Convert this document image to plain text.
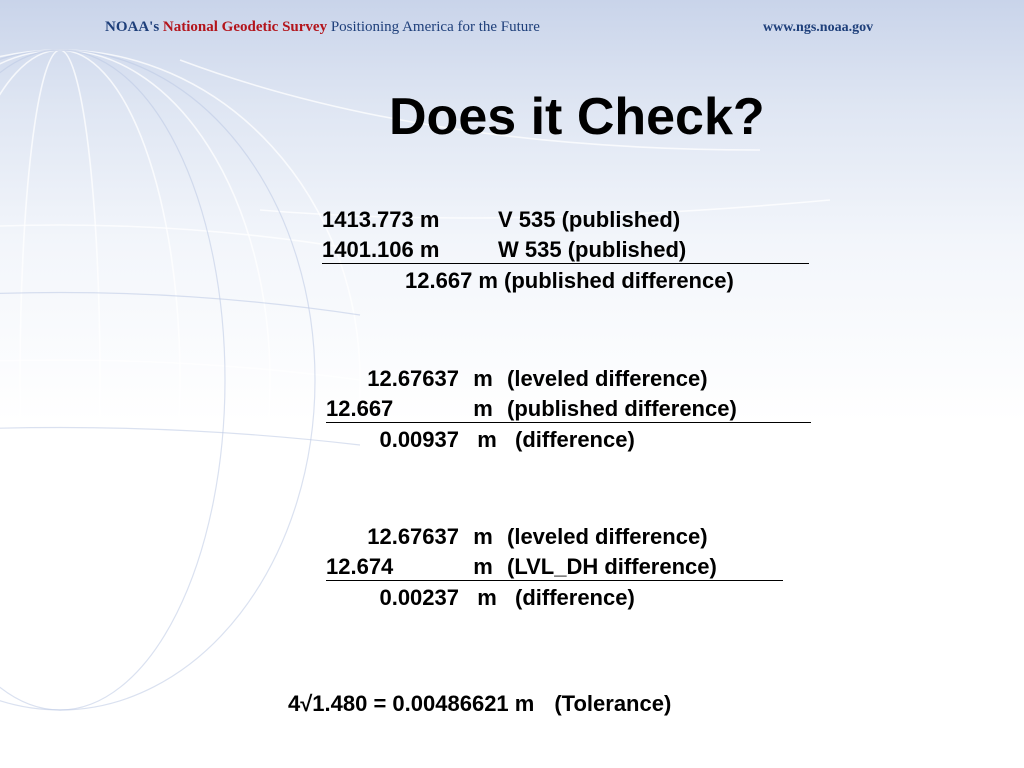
NOAA's National Geodetic Survey Positioning America for the Future	www.ngs.noaa.gov
Does it Check?
1413.773 m	V 535 (published)
1401.106 m	W 535 (published)
12.667 m (published difference)
12.67637 m (leveled difference)
12.667	m (published difference)
0.00937 m (difference)
12.67637 m (leveled difference)
12.674	m (LVL_DH difference)
0.00237 m (difference)
4√1.480 = 0.00486621 m (Tolerance)
